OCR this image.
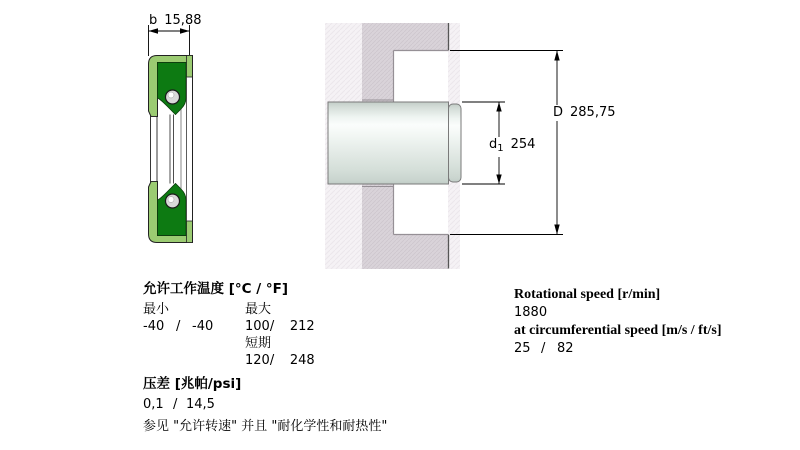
b 15,88
D 285,75
$d_1$ 254

允许工作温度 [°C / °F]

最小	最大
-40 / -40	100/ 212
短期
120/ 248

压差 [兆帕/psi]

0,1 / 14,5
参见 "允许转速" 并且 "耐化学性和耐热性"

Rotational speed [r/min]

1880

at circumferential speed [m/s / ft/s]

25 / 82
